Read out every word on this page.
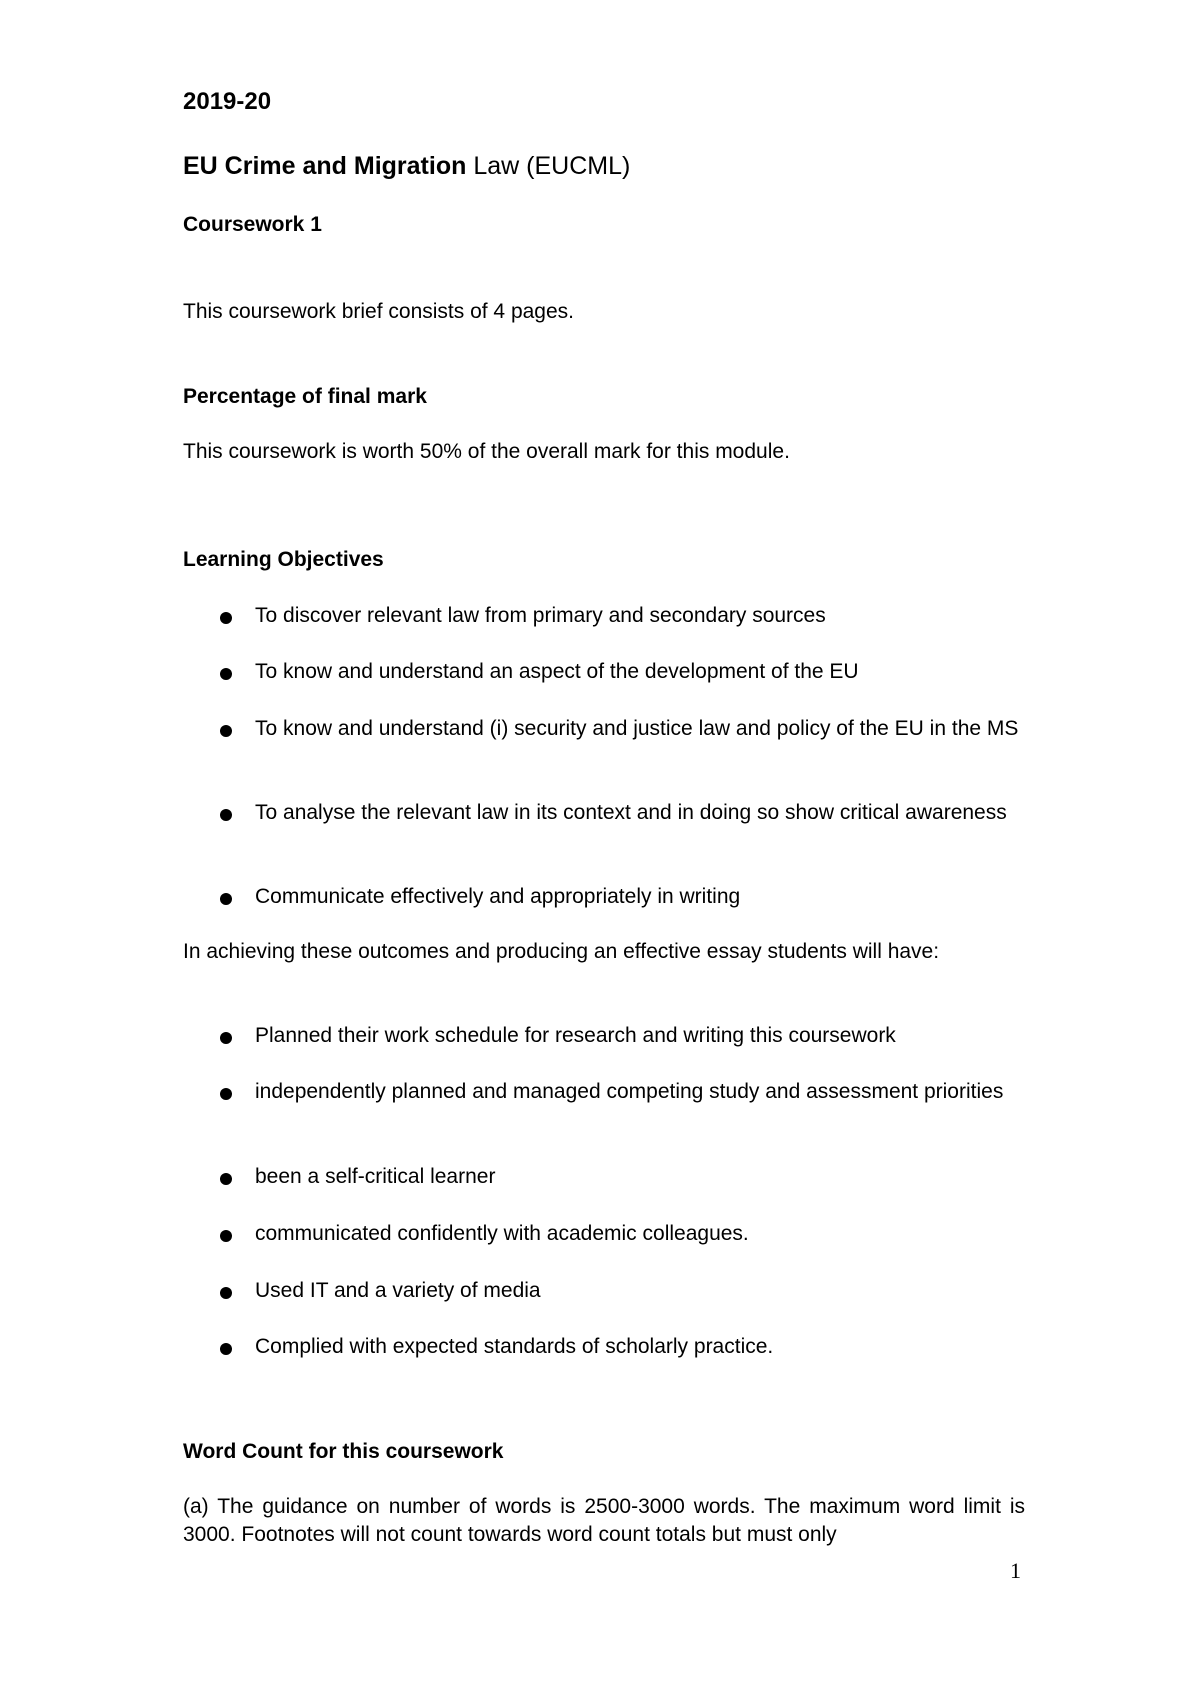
2019-20
EU Crime and Migration Law (EUCML)
Coursework 1
This coursework brief consists of 4 pages.
Percentage of final mark
This coursework is worth 50% of the overall mark for this module.
Learning Objectives
To discover relevant law from primary and secondary sources
To know and understand an aspect of the development of the EU
To know and understand (i) security and justice law and policy of the EU in the MS
To analyse the relevant law in its context and in doing so show critical awareness
Communicate effectively and appropriately in writing
In achieving these outcomes and producing an effective essay students will have:
Planned their work schedule for research and writing this coursework
independently planned and managed competing study and assessment priorities
been a self-critical learner
communicated confidently with academic colleagues.
Used IT and a variety of media
Complied with expected standards of scholarly practice.
Word Count for this coursework
(a) The guidance on number of words is 2500-3000 words. The maximum word limit is 3000. Footnotes will not count towards word count totals but must only
1
